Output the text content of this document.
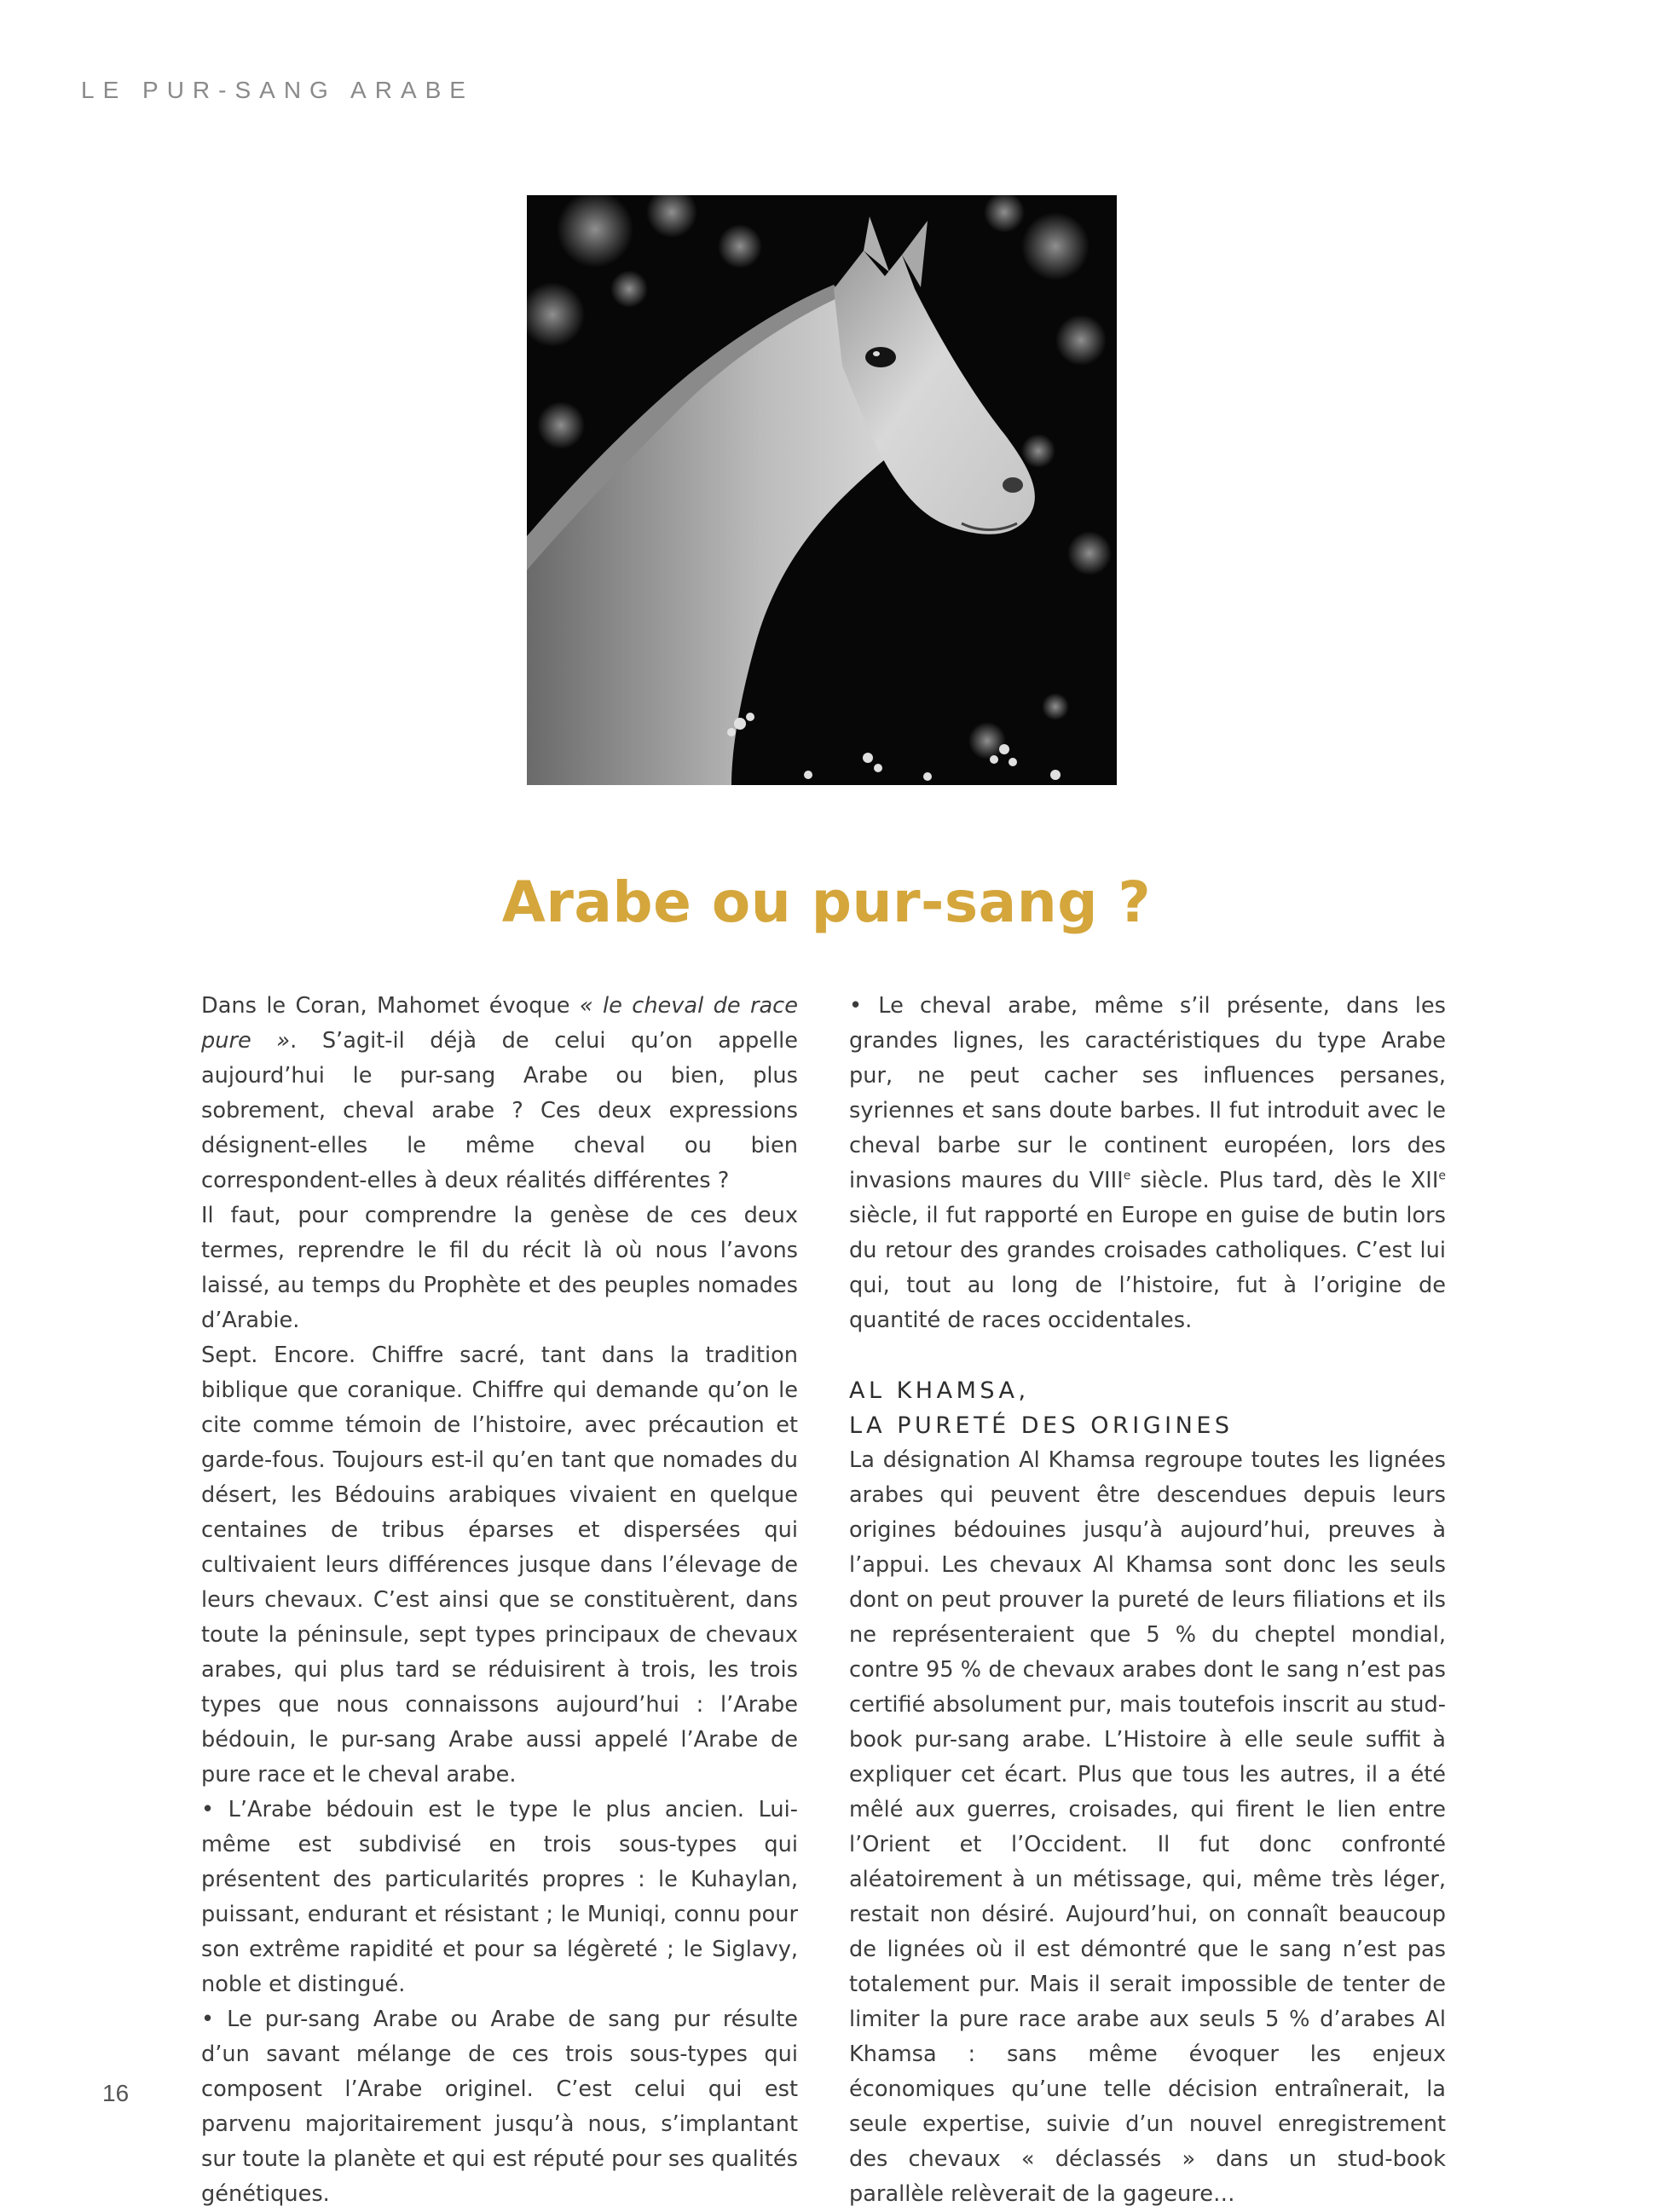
LE PUR-SANG ARABE
Arabe ou pur-sang ?

Dans le Coran, Mahomet évoque « le cheval de race pure ». S’agit-il déjà de celui qu’on appelle aujourd’hui le pur-sang Arabe ou bien, plus sobrement, cheval arabe ? Ces deux expressions désignent-elles le même cheval ou bien correspondent-elles à deux réalités différentes ?

Il faut, pour comprendre la genèse de ces deux termes, reprendre le fil du récit là où nous l’avons laissé, au temps du Prophète et des peuples nomades d’Arabie.

Sept. Encore. Chiffre sacré, tant dans la tradition biblique que coranique. Chiffre qui demande qu’on le cite comme témoin de l’histoire, avec précaution et garde-fous. Toujours est-il qu’en tant que nomades du désert, les Bédouins arabiques vivaient en quelque centaines de tribus éparses et dispersées qui cultivaient leurs différences jusque dans l’élevage de leurs chevaux. C’est ainsi que se constituèrent, dans toute la péninsule, sept types principaux de chevaux arabes, qui plus tard se réduisirent à trois, les trois types que nous connaissons aujourd’hui : l’Arabe bédouin, le pur-sang Arabe aussi appelé l’Arabe de pure race et le cheval arabe.

• L’Arabe bédouin est le type le plus ancien. Lui-même est subdivisé en trois sous-types qui présentent des particularités propres : le Kuhaylan, puissant, endurant et résistant ; le Muniqi, connu pour son extrême rapidité et pour sa légèreté ; le Siglavy, noble et distingué.

• Le pur-sang Arabe ou Arabe de sang pur résulte d’un savant mélange de ces trois sous-types qui composent l’Arabe originel. C’est celui qui est parvenu majoritairement jusqu’à nous, s’implantant sur toute la planète et qui est réputé pour ses qualités génétiques.

• Le cheval arabe, même s’il présente, dans les grandes lignes, les caractéristiques du type Arabe pur, ne peut cacher ses influences persanes, syriennes et sans doute barbes. Il fut introduit avec le cheval barbe sur le continent européen, lors des invasions maures du VIIIe siècle. Plus tard, dès le XIIe siècle, il fut rapporté en Europe en guise de butin lors du retour des grandes croisades catholiques. C’est lui qui, tout au long de l’histoire, fut à l’origine de quantité de races occidentales.

AL KHAMSA,
LA PURETÉ DES ORIGINES

La désignation Al Khamsa regroupe toutes les lignées arabes qui peuvent être descendues depuis leurs origines bédouines jusqu’à aujourd’hui, preuves à l’appui. Les chevaux Al Khamsa sont donc les seuls dont on peut prouver la pureté de leurs filiations et ils ne représenteraient que 5 % du cheptel mondial, contre 95 % de chevaux arabes dont le sang n’est pas certifié absolument pur, mais toutefois inscrit au stud-book pur-sang arabe. L’Histoire à elle seule suffit à expliquer cet écart. Plus que tous les autres, il a été mêlé aux guerres, croisades, qui firent le lien entre l’Orient et l’Occident. Il fut donc confronté aléatoirement à un métissage, qui, même très léger, restait non désiré. Aujourd’hui, on connaît beaucoup de lignées où il est démontré que le sang n’est pas totalement pur. Mais il serait impossible de tenter de limiter la pure race arabe aux seuls 5 % d’arabes Al Khamsa : sans même évoquer les enjeux économiques qu’une telle décision entraînerait, la seule expertise, suivie d’un nouvel enregistrement des chevaux « déclassés » dans un stud-book parallèle relèverait de la gageure…

16
